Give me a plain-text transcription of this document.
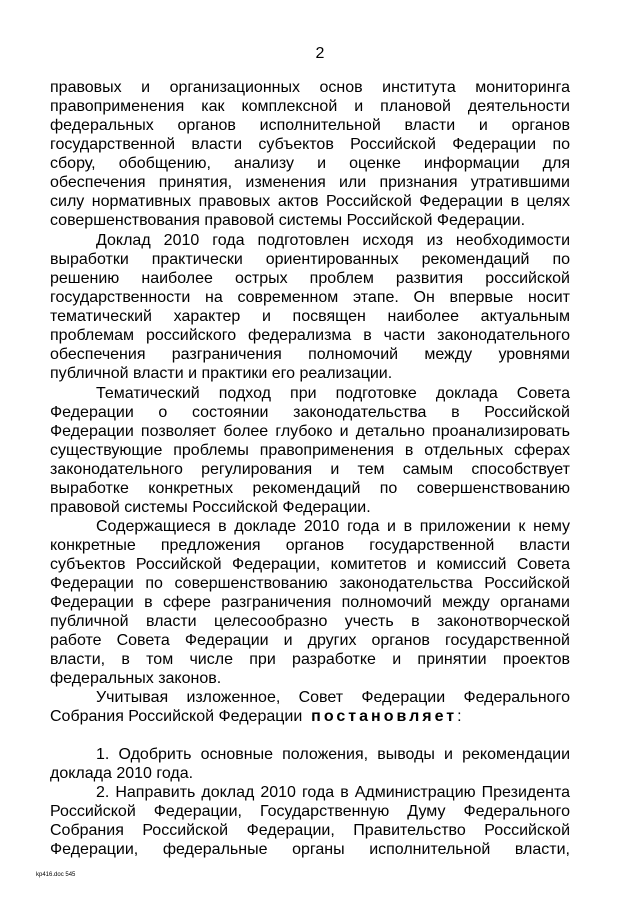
2
правовых и организационных основ института мониторинга
правоприменения как комплексной и плановой деятельности
федеральных органов исполнительной власти и органов
государственной власти субъектов Российской Федерации по
сбору, обобщению, анализу и оценке информации для
обеспечения принятия, изменения или признания утратившими
силу нормативных правовых актов Российской Федерации в целях
совершенствования правовой системы Российской Федерации.
Доклад 2010 года подготовлен исходя из необходимости
выработки практически ориентированных рекомендаций по
решению наиболее острых проблем развития российской
государственности на современном этапе. Он впервые носит
тематический характер и посвящен наиболее актуальным
проблемам российского федерализма в части законодательного
обеспечения разграничения полномочий между уровнями
публичной власти и практики его реализации.
Тематический подход при подготовке доклада Совета
Федерации о состоянии законодательства в Российской
Федерации позволяет более глубоко и детально проанализировать
существующие проблемы правоприменения в отдельных сферах
законодательного регулирования и тем самым способствует
выработке конкретных рекомендаций по совершенствованию
правовой системы Российской Федерации.
Содержащиеся в докладе 2010 года и в приложении к нему
конкретные предложения органов государственной власти
субъектов Российской Федерации, комитетов и комиссий Совета
Федерации по совершенствованию законодательства Российской
Федерации в сфере разграничения полномочий между органами
публичной власти целесообразно учесть в законотворческой
работе Совета Федерации и других органов государственной
власти, в том числе при разработке и принятии проектов
федеральных законов.
Учитывая изложенное, Совет Федерации Федерального
Собрания Российской Федерации постановляет:
1. Одобрить основные положения, выводы и рекомендации
доклада 2010 года.
2. Направить доклад 2010 года в Администрацию Президента
Российской Федерации, Государственную Думу Федерального
Собрания Российской Федерации, Правительство Российской
Федерации, федеральные органы исполнительной власти,
kp416.doc 545
